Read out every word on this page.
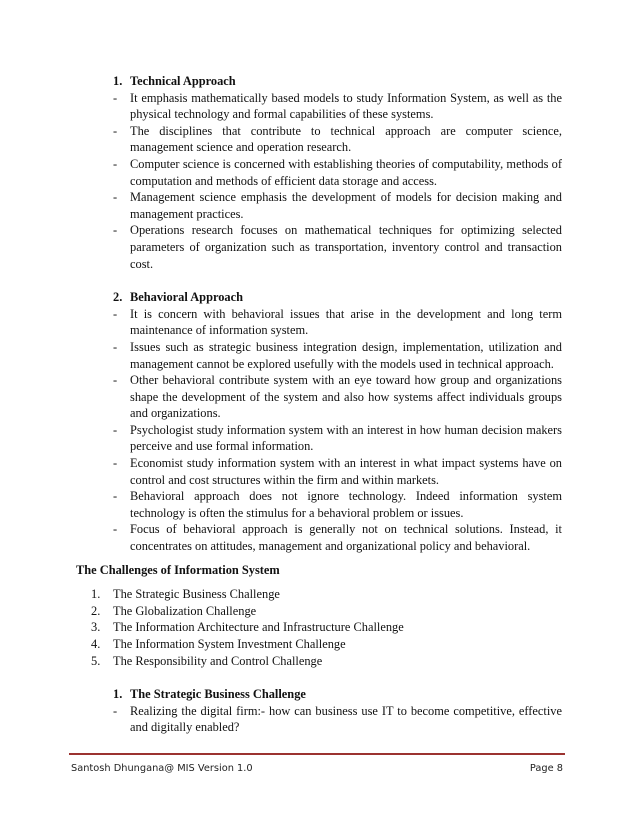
1. Technical Approach
- It emphasis mathematically based models to study Information System, as well as the physical technology and formal capabilities of these systems.
- The disciplines that contribute to technical approach are computer science, management science and operation research.
- Computer science is concerned with establishing theories of computability, methods of computation and methods of efficient data storage and access.
- Management science emphasis the development of models for decision making and management practices.
- Operations research focuses on mathematical techniques for optimizing selected parameters of organization such as transportation, inventory control and transaction cost.
2. Behavioral Approach
- It is concern with behavioral issues that arise in the development and long term maintenance of information system.
- Issues such as strategic business integration design, implementation, utilization and management cannot be explored usefully with the models used in technical approach.
- Other behavioral contribute system with an eye toward how group and organizations shape the development of the system and also how systems affect individuals groups and organizations.
- Psychologist study information system with an interest in how human decision makers perceive and use formal information.
- Economist study information system with an interest in what impact systems have on control and cost structures within the firm and within markets.
- Behavioral approach does not ignore technology. Indeed information system technology is often the stimulus for a behavioral problem or issues.
- Focus of behavioral approach is generally not on technical solutions. Instead, it concentrates on attitudes, management and organizational policy and behavioral.
The Challenges of Information System
1. The Strategic Business Challenge
2. The Globalization Challenge
3. The Information Architecture and Infrastructure Challenge
4. The Information System Investment Challenge
5. The Responsibility and Control Challenge
1. The Strategic Business Challenge
- Realizing the digital firm:- how can business use IT to become competitive, effective and digitally enabled?
Santosh Dhungana@ MIS Version 1.0	Page 8
